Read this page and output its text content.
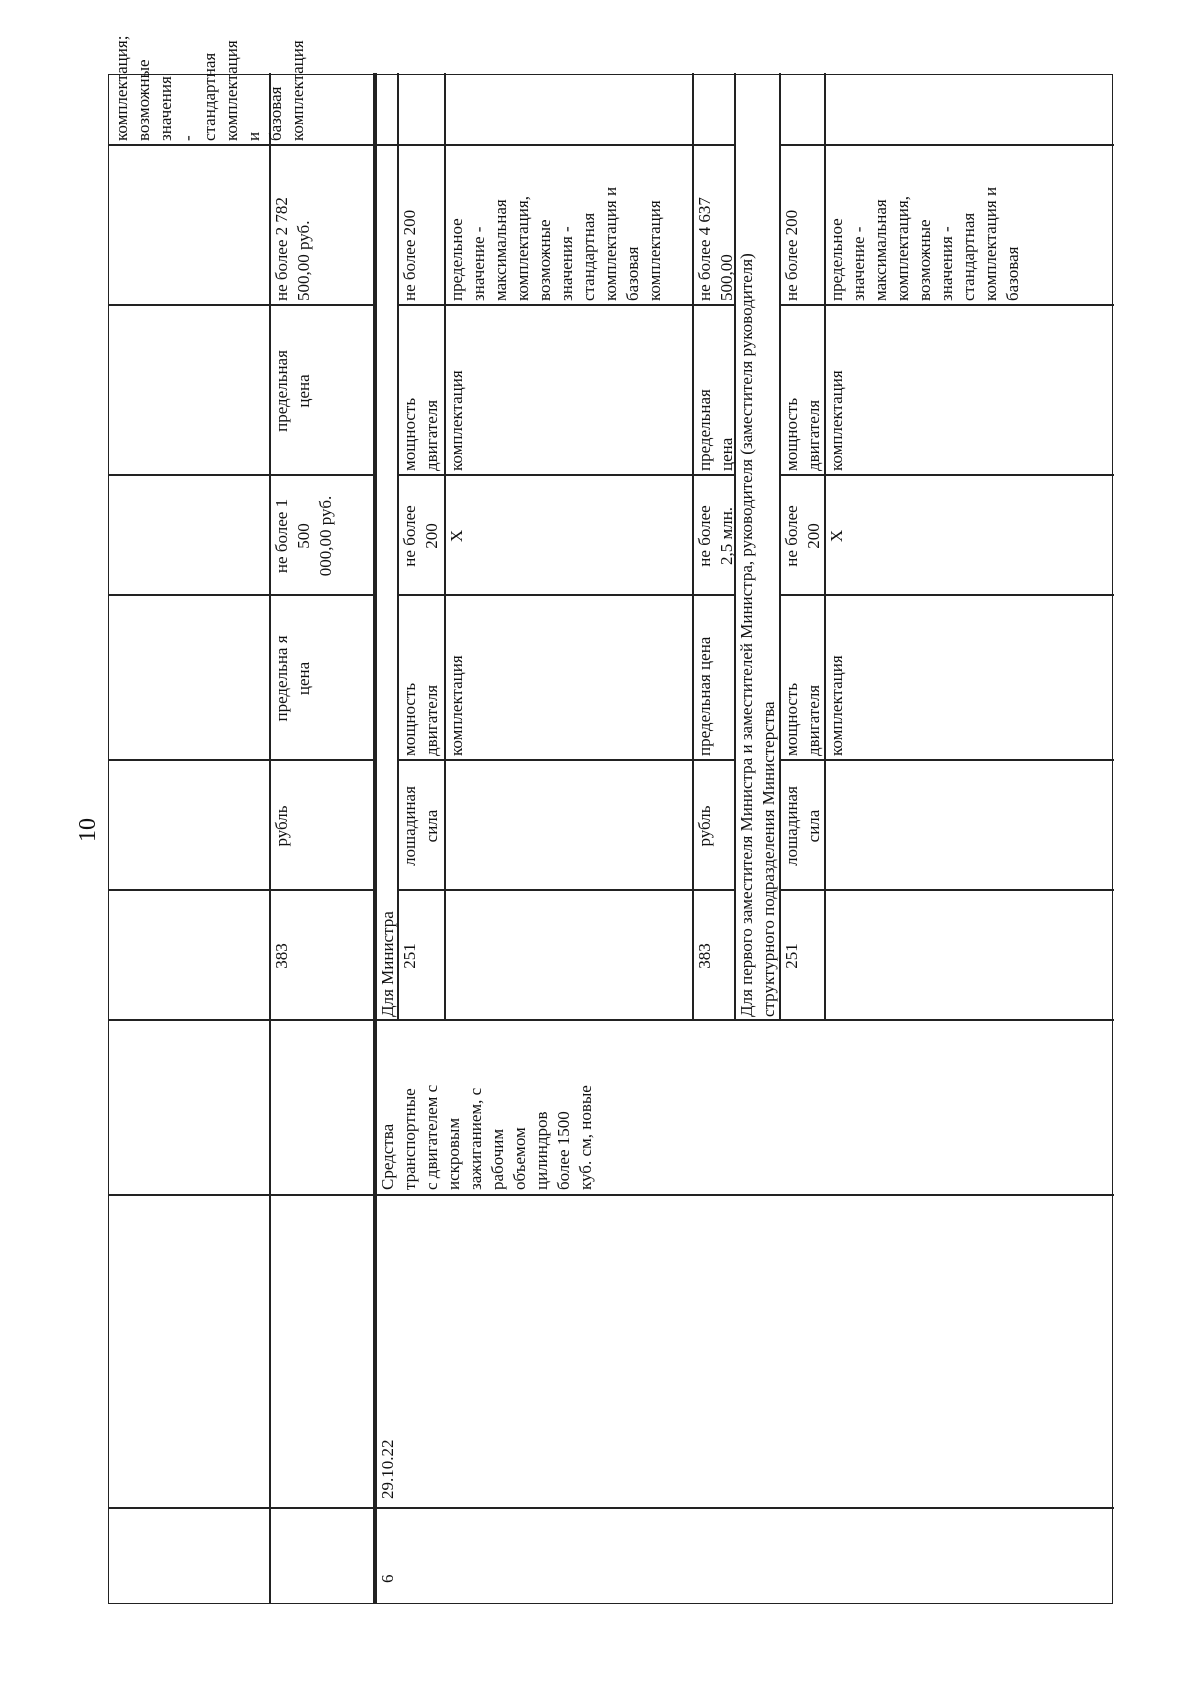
10
комплектация;
возможные
значения -
стандартная
комплектация и
базовая
комплектация
383
рубль
предельна я
цена
не более 1
500
000,00 руб.
предельная
цена
не более 2 782
500,00 руб.
6
29.10.22
Средства
транспортные
с двигателем с
искровым
зажиганием, с
рабочим
объемом
цилиндров
более 1500
куб. см, новые
Для Министра	Для первого заместителя Министра и заместителей Министра, руководителя (заместителя руководителя)
структурного подразделения Министерства
251
лошадиная
сила
мощность
двигателя
не более
200
мощность
двигателя
не более 200
комплектация
Х
комплектация
предельное
значение -
максимальная
комплектация,
возможные
значения -
стандартная
комплектация и
базовая
комплектация
383
рубль
предельная цена
не более
2,5 млн.
предельная
цена
не более 4 637
500,00
251
лошадиная
сила
мощность
двигателя
не более
200
мощность
двигателя
не более 200
комплектация
Х
комплектация
предельное
значение -
максимальная
комплектация,
возможные
значения -
стандартная
комплектация и
базовая
